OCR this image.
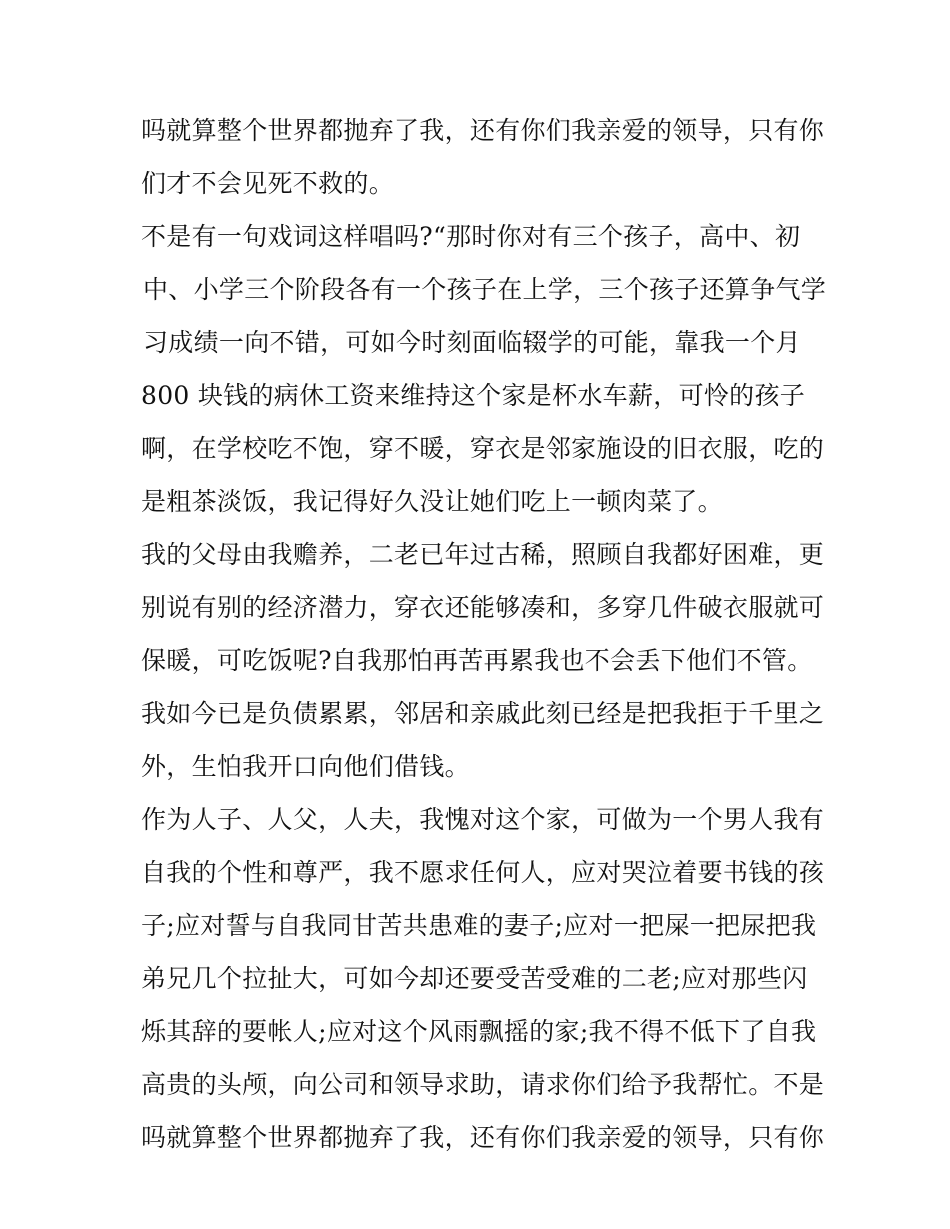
吗就算整个世界都抛弃了我，还有你们我亲爱的领导，只有你
们才不会见死不救的。
不是有一句戏词这样唱吗?“那时你对有三个孩子，高中、初
中、小学三个阶段各有一个孩子在上学，三个孩子还算争气学
习成绩一向不错，可如今时刻面临辍学的可能，靠我一个月
800 块钱的病休工资来维持这个家是杯水车薪，可怜的孩子
啊，在学校吃不饱，穿不暖，穿衣是邻家施设的旧衣服，吃的
是粗茶淡饭，我记得好久没让她们吃上一顿肉菜了。
我的父母由我赡养，二老已年过古稀，照顾自我都好困难，更
别说有别的经济潜力，穿衣还能够凑和，多穿几件破衣服就可
保暖，可吃饭呢?自我那怕再苦再累我也不会丢下他们不管。
我如今已是负债累累，邻居和亲戚此刻已经是把我拒于千里之
外，生怕我开口向他们借钱。
作为人子、人父，人夫，我愧对这个家，可做为一个男人我有
自我的个性和尊严，我不愿求任何人，应对哭泣着要书钱的孩
子;应对誓与自我同甘苦共患难的妻子;应对一把屎一把尿把我
弟兄几个拉扯大，可如今却还要受苦受难的二老;应对那些闪
烁其辞的要帐人;应对这个风雨飘摇的家;我不得不低下了自我
高贵的头颅，向公司和领导求助，请求你们给予我帮忙。不是
吗就算整个世界都抛弃了我，还有你们我亲爱的领导，只有你
